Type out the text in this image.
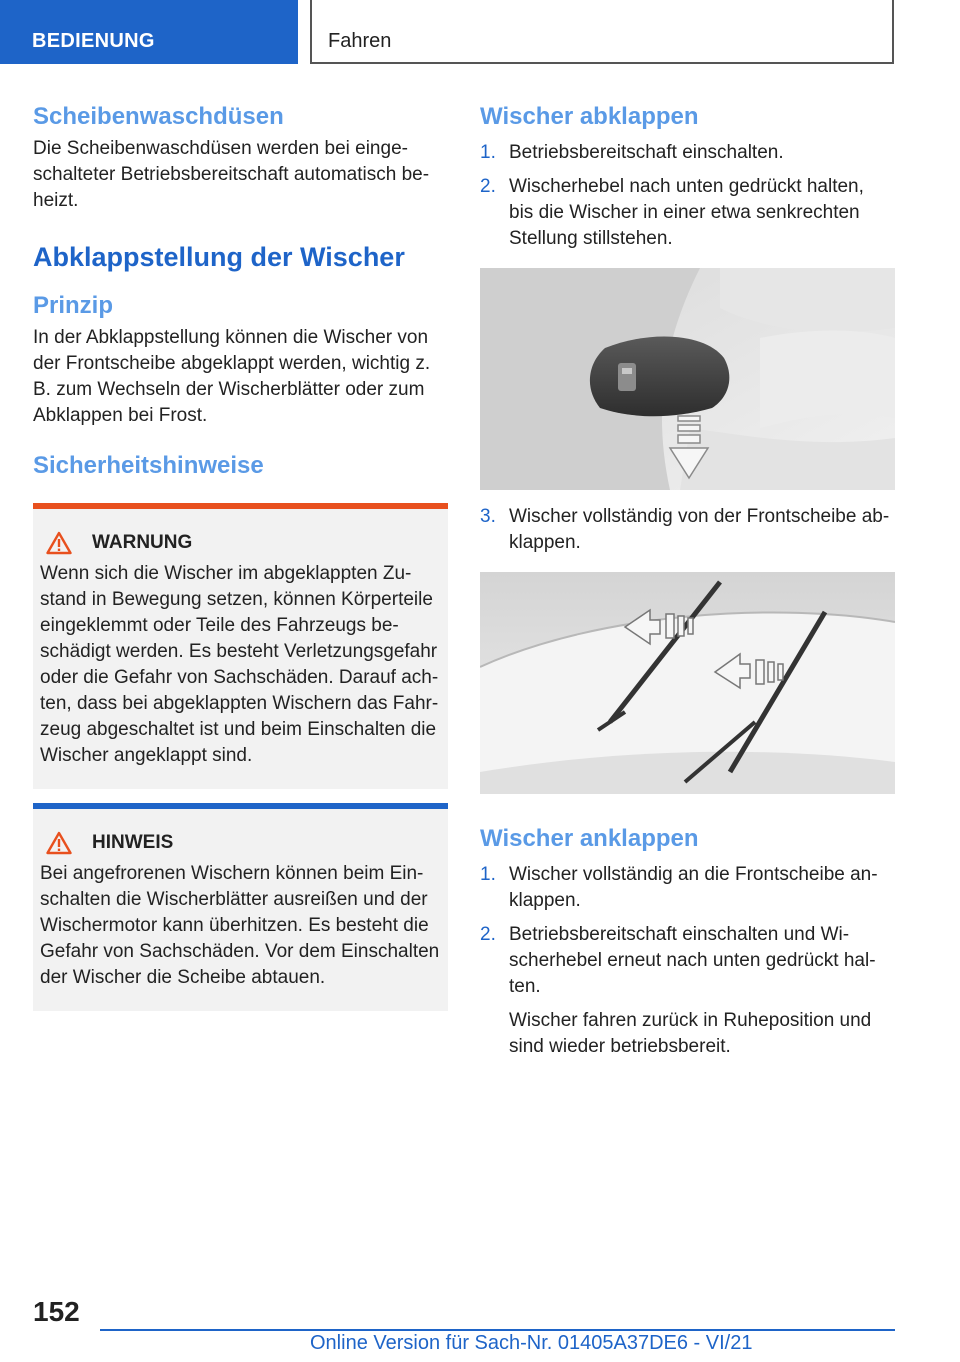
BEDIENUNG	Fahren
Scheibenwaschdüsen

Die Scheibenwaschdüsen werden bei einge-schalteter Betriebsbereitschaft automatisch be-heizt.

Abklappstellung der Wischer
Prinzip

In der Abklappstellung können die Wischer von der Frontscheibe abgeklappt werden, wichtig z. B. zum Wechseln der Wischerblätter oder zum Abklappen bei Frost.

Sicherheitshinweise
WARNUNG

Wenn sich die Wischer im abgeklappten Zu-stand in Bewegung setzen, können Körperteile eingeklemmt oder Teile des Fahrzeugs be-schädigt werden. Es besteht Verletzungsgefahr oder die Gefahr von Sachschäden. Darauf ach-ten, dass bei abgeklappten Wischern das Fahr-zeug abgeschaltet ist und beim Einschalten die Wischer angeklappt sind.

HINWEIS

Bei angefrorenen Wischern können beim Ein-schalten die Wischerblätter ausreißen und der Wischermotor kann überhitzen. Es besteht die Gefahr von Sachschäden. Vor dem Einschalten der Wischer die Scheibe abtauen.

Wischer abklappen
1. Betriebsbereitschaft einschalten.
2. Wischerhebel nach unten gedrückt halten, bis die Wischer in einer etwa senkrechten Stellung stillstehen.
3. Wischer vollständig von der Frontscheibe ab-klappen.
Wischer anklappen
1. Wischer vollständig an die Frontscheibe an-klappen.
2. Betriebsbereitschaft einschalten und Wi-scherhebel erneut nach unten gedrückt hal-ten.
Wischer fahren zurück in Ruheposition und sind wieder betriebsbereit.
152
Online Version für Sach-Nr. 01405A37DE6 - VI/21
